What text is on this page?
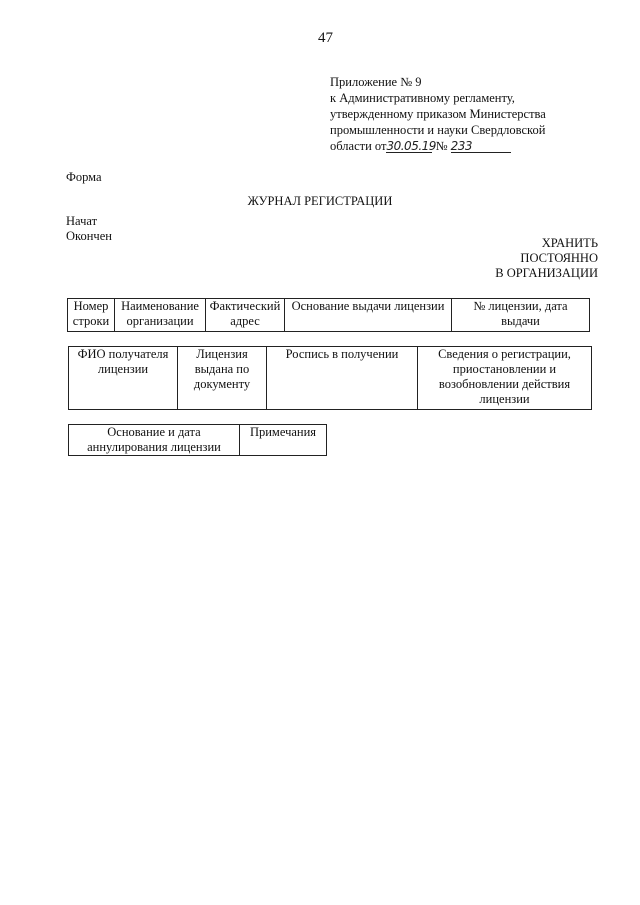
47
Приложение № 9
к Административному регламенту,
утвержденному приказом Министерства
промышленности и науки Свердловской
области от30.05.19 № 233
Форма
ЖУРНАЛ РЕГИСТРАЦИИ
Начат
Окончен	ХРАНИТЬ
ПОСТОЯННО
В ОРГАНИЗАЦИИ
Номер строки	Наименование организации	Фактический адрес	Основание выдачи лицензии	№ лицензии, дата выдачи
ФИО получателя лицензии	Лицензия выдана по документу	Роспись в получении	Сведения о регистрации, приостановлении и возобновлении действия лицензии
Основание и дата аннулирования лицензии	Примечания
